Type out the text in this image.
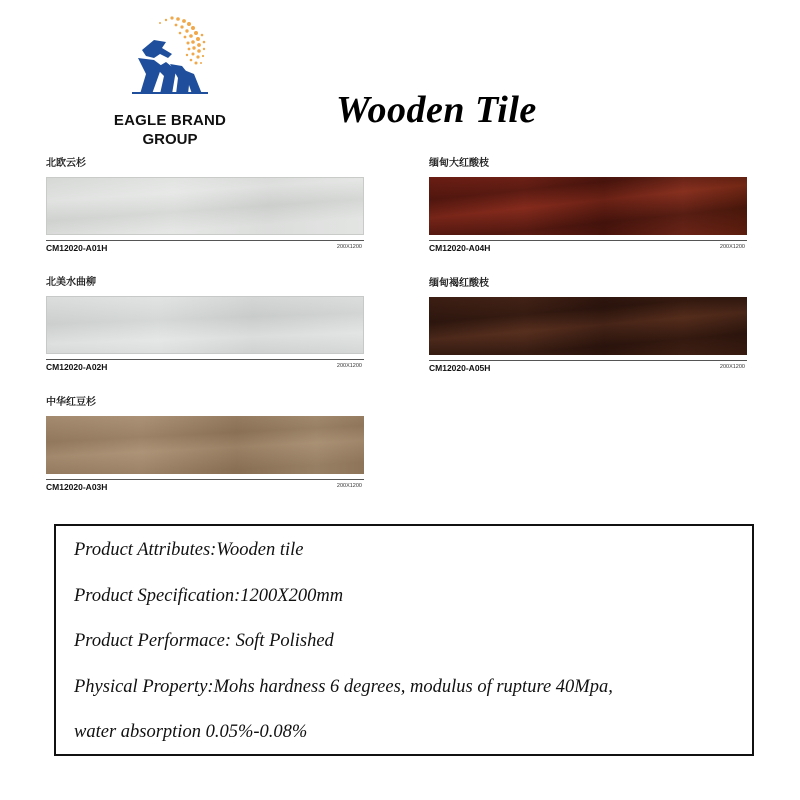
EAGLE BRAND
GROUP
Wooden Tile
北欧云杉
CM12020-A01H	200X1200
北美水曲柳
CM12020-A02H	200X1200
中华红豆杉
CM12020-A03H	200X1200
缅甸大红酸枝
CM12020-A04H	200X1200
缅甸褐红酸枝
CM12020-A05H	200X1200
Product Attributes:Wooden tile
Product Specification:1200X200mm
Product Performace: Soft Polished
Physical Property:Mohs hardness 6 degrees, modulus of rupture 40Mpa,
water absorption 0.05%-0.08%
